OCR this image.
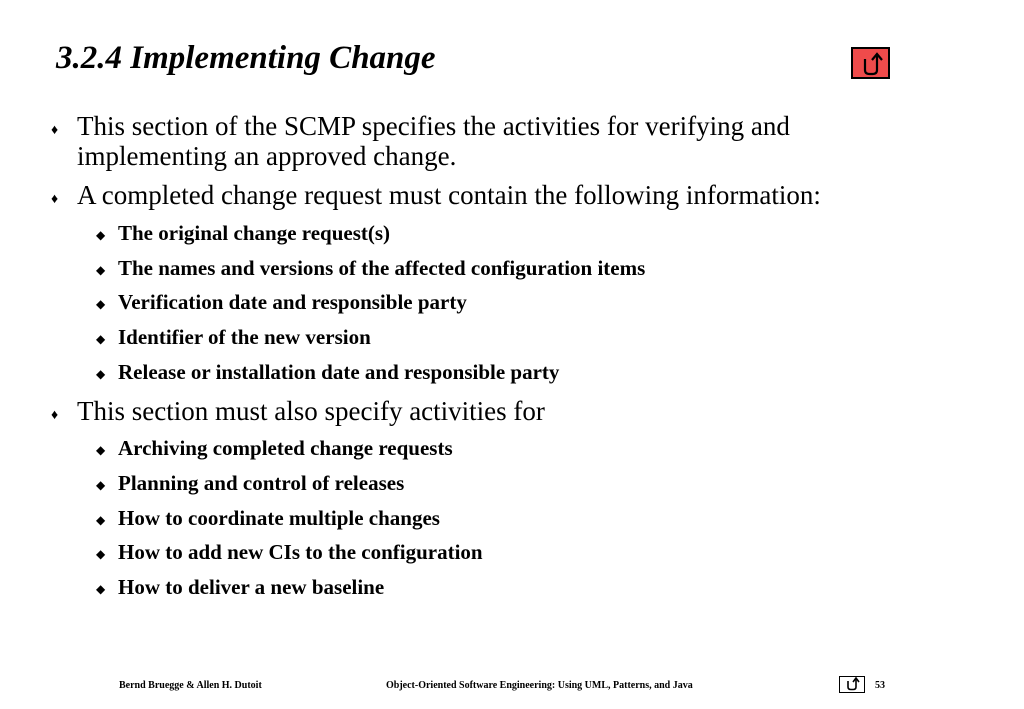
3.2.4 Implementing Change
♦ This section of the SCMP specifies the activities for verifying and
implementing an approved change.
♦ A completed change request must contain the following information:
◆ The original change request(s)
◆ The names and versions of the affected configuration items
◆ Verification date and responsible party
◆ Identifier of the new version
◆ Release or installation date and responsible party
♦ This section must also specify activities for
◆ Archiving completed change requests
◆ Planning and control of releases
◆ How to coordinate multiple changes
◆ How to add new CIs to the configuration
◆ How to deliver a new baseline
Bernd Bruegge & Allen H. Dutoit	Object-Oriented Software Engineering: Using UML, Patterns, and Java	53
